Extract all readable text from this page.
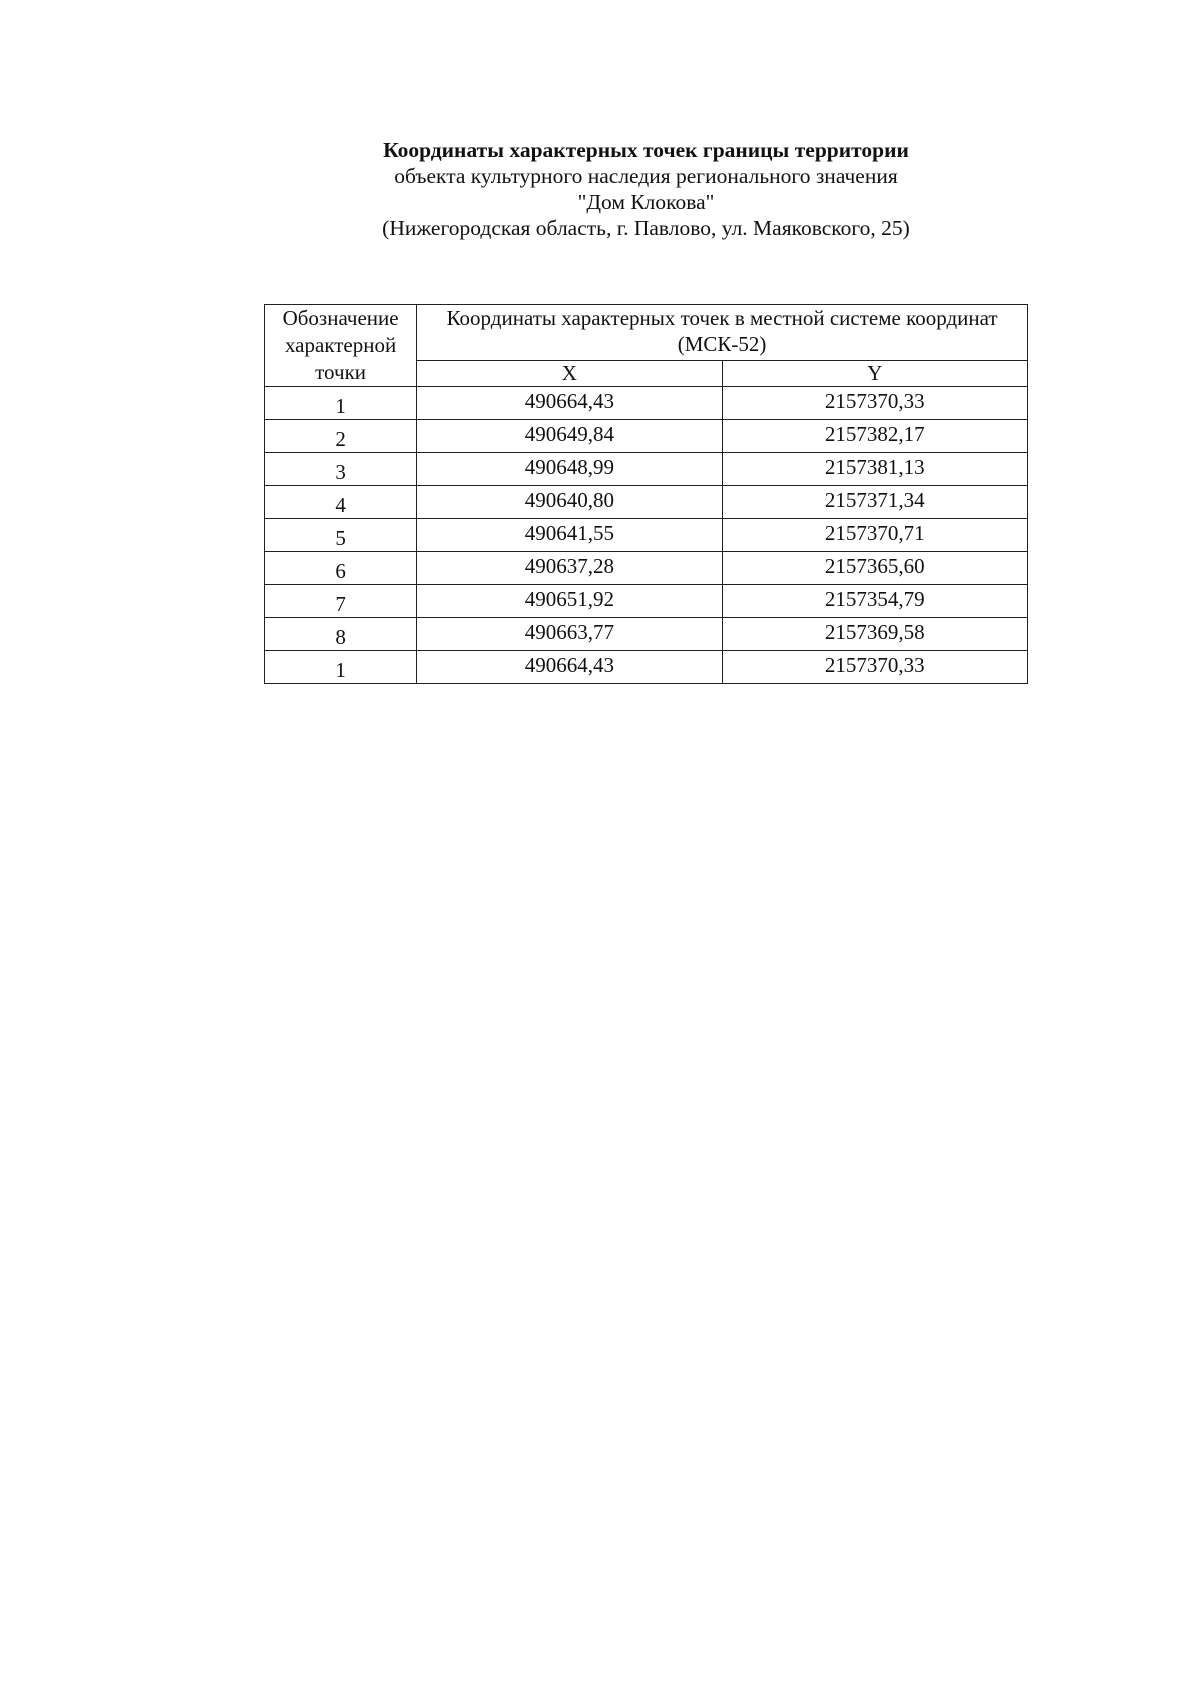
Координаты характерных точек границы территории
объекта культурного наследия регионального значения
"Дом Клокова"
(Нижегородская область, г. Павлово, ул. Маяковского, 25)
Обозначение характерной точки	Координаты характерных точек в местной системе координат (МСК-52)	
	X	Y
1	490664,43	2157370,33
2	490649,84	2157382,17
3	490648,99	2157381,13
4	490640,80	2157371,34
5	490641,55	2157370,71
6	490637,28	2157365,60
7	490651,92	2157354,79
8	490663,77	2157369,58
1	490664,43	2157370,33
